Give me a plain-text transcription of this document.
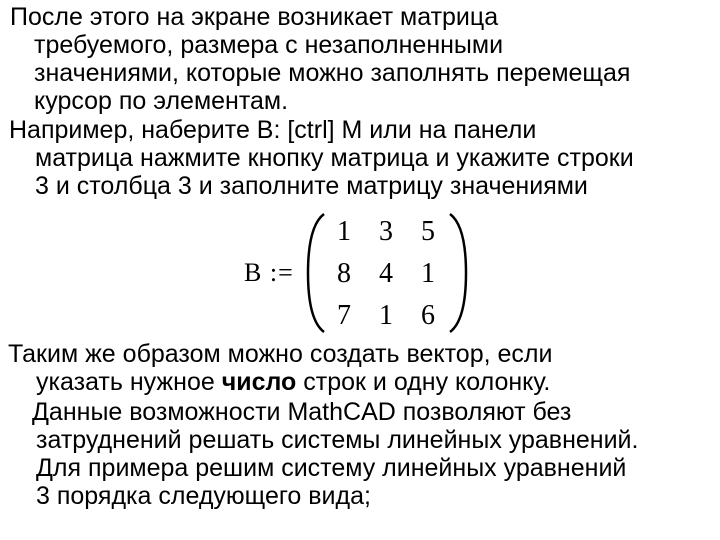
После этого на экране возникает матрица
требуемого, размера с незаполненными
значениями, которые можно заполнять перемещая
курсор по элементам.
Например, наберите B: [ctrl] M или на панели
матрица нажмите кнопку матрица и укажите строки
3 и столбца 3 и заполните матрицу значениями
B :=
1 3 5
8 4 1
7 1 6
Таким же образом можно создать вектор, если
указать нужное число строк и одну колонку.
Данные возможности MathCAD позволяют без
затруднений решать системы линейных уравнений.
Для примера решим систему линейных уравнений
3 порядка следующего вида;
